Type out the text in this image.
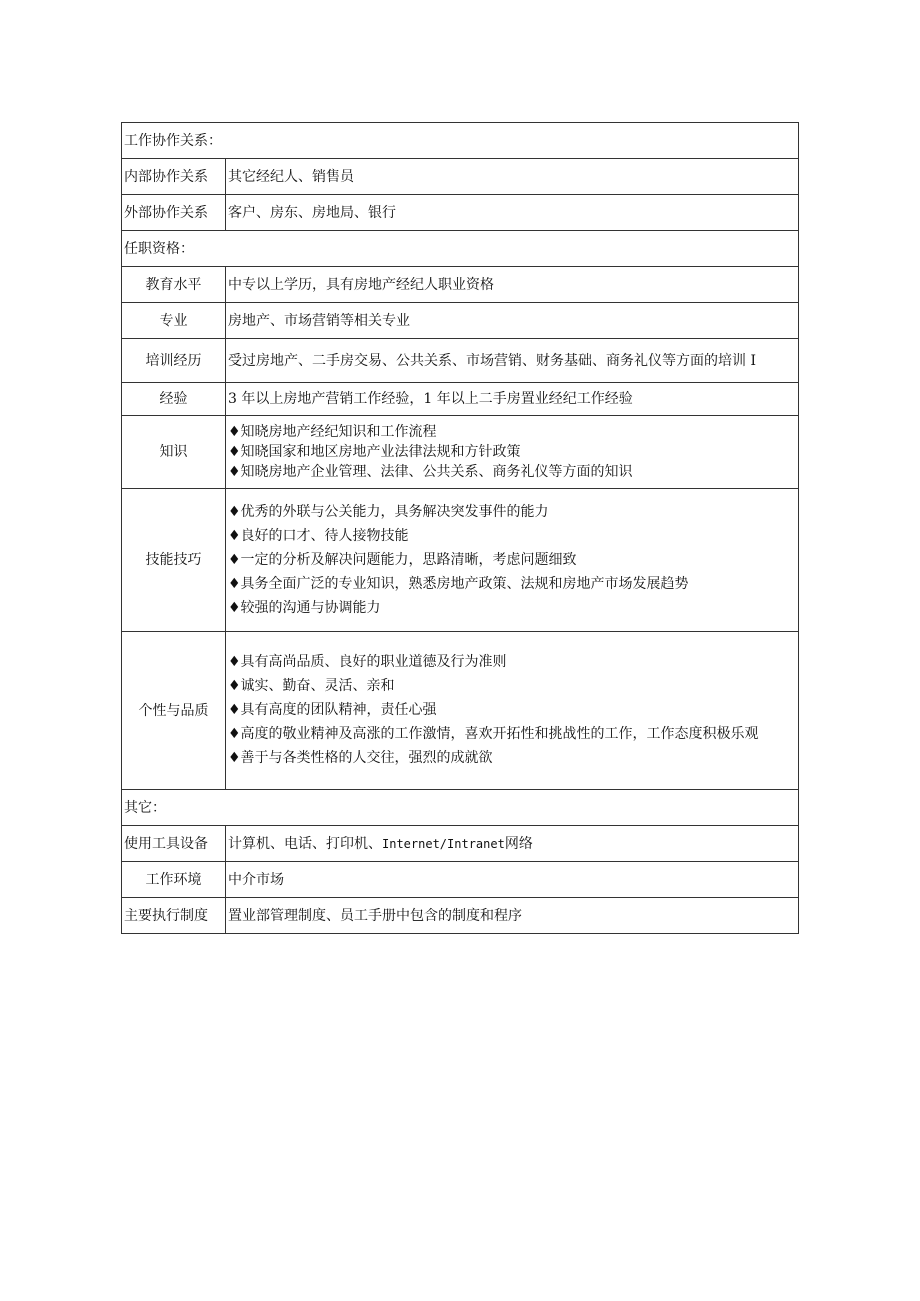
工作协作关系：	
内部协作关系	其它经纪人、销售员
外部协作关系	客户、房东、房地局、银行
任职资格：	
教育水平	中专以上学历，具有房地产经纪人职业资格
专业	房地产、市场营销等相关专业
培训经历	受过房地产、二手房交易、公共关系、市场营销、财务基础、商务礼仪等方面的培训 I
经验	3 年以上房地产营销工作经验，1 年以上二手房置业经纪工作经验
知识	♦知晓房地产经纪知识和工作流程
♦知晓国家和地区房地产业法律法规和方针政策
♦知晓房地产企业管理、法律、公共关系、商务礼仪等方面的知识

技能技巧	♦优秀的外联与公关能力，具务解决突发事件的能力
♦良好的口才、待人接物技能
♦一定的分析及解决问题能力，思路清晰，考虑问题细致
♦具务全面广泛的专业知识，熟悉房地产政策、法规和房地产市场发展趋势
♦较强的沟通与协调能力

个性与品质	♦具有高尚品质、良好的职业道德及行为准则
♦诚实、勤奋、灵活、亲和
♦具有高度的团队精神，责任心强
♦高度的敬业精神及高涨的工作激情，喜欢开拓性和挑战性的工作，工作态度积极乐观
♦善于与各类性格的人交往，强烈的成就欲

其它：	
使用工具设备	计算机、电话、打印机、Internet/Intranet网络
工作环境	中介市场
主要执行制度	置业部管理制度、员工手册中包含的制度和程序
